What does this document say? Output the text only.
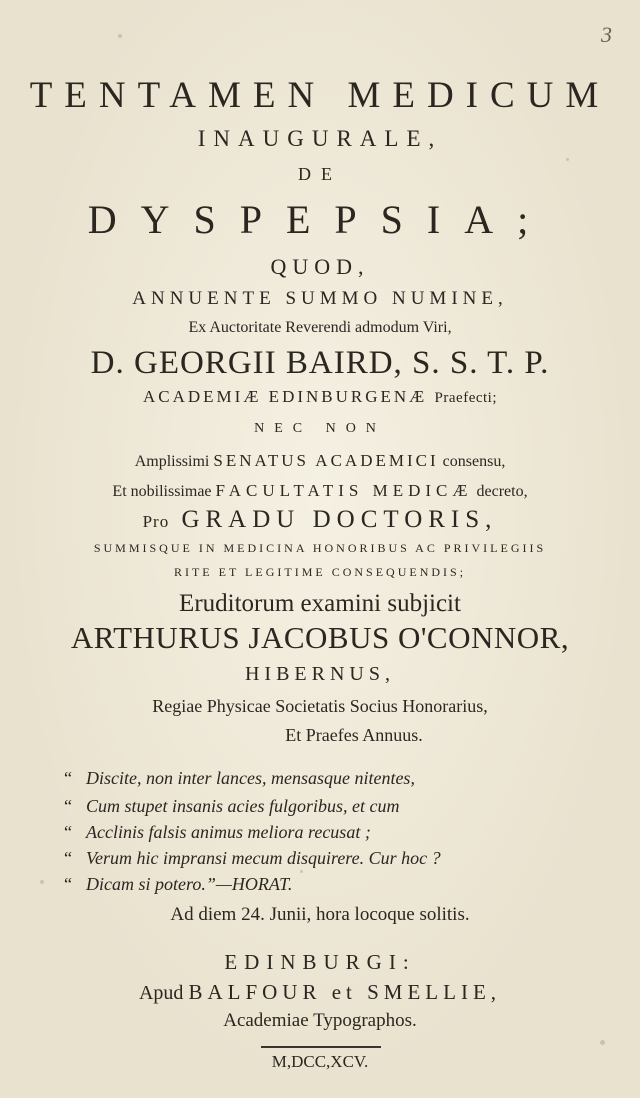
3
TENTAMEN MEDICUM
INAUGURALE,
DE
DYSPEPSIA;
QUOD,
ANNUENTE SUMMO NUMINE,
Ex Auctoritate Reverendi admodum Viri,
D. GEORGII BAIRD, S. S. T. P.
ACADEMIÆ EDINBURGENÆ Praefecti;
NEC NON
Amplissimi SENATUS ACADEMICI consensu,
Et nobilissimae FACULTATIS MEDICÆ decreto,
Pro GRADU DOCTORIS,
SUMMISQUE IN MEDICINA HONORIBUS AC PRIVILEGIIS
RITE ET LEGITIME CONSEQUENDIS;
Eruditorum examini subjicit
ARTHURUS JACOBUS O'CONNOR,
HIBERNUS,
Regiae Physicae Societatis Socius Honorarius,
Et Praefes Annuus.
“ Discite, non inter lances, mensasque nitentes,
“ Cum stupet insanis acies fulgoribus, et cum
“ Acclinis falsis animus meliora recusat ;
“ Verum hic impransi mecum disquirere. Cur hoc ?
“ Dicam si potero.”—HORAT.
Ad diem 24. Junii, hora locoque solitis.
EDINBURGI:
Apud BALFOUR et SMELLIE,
Academiae Typographos.
M,DCC,XCV.
